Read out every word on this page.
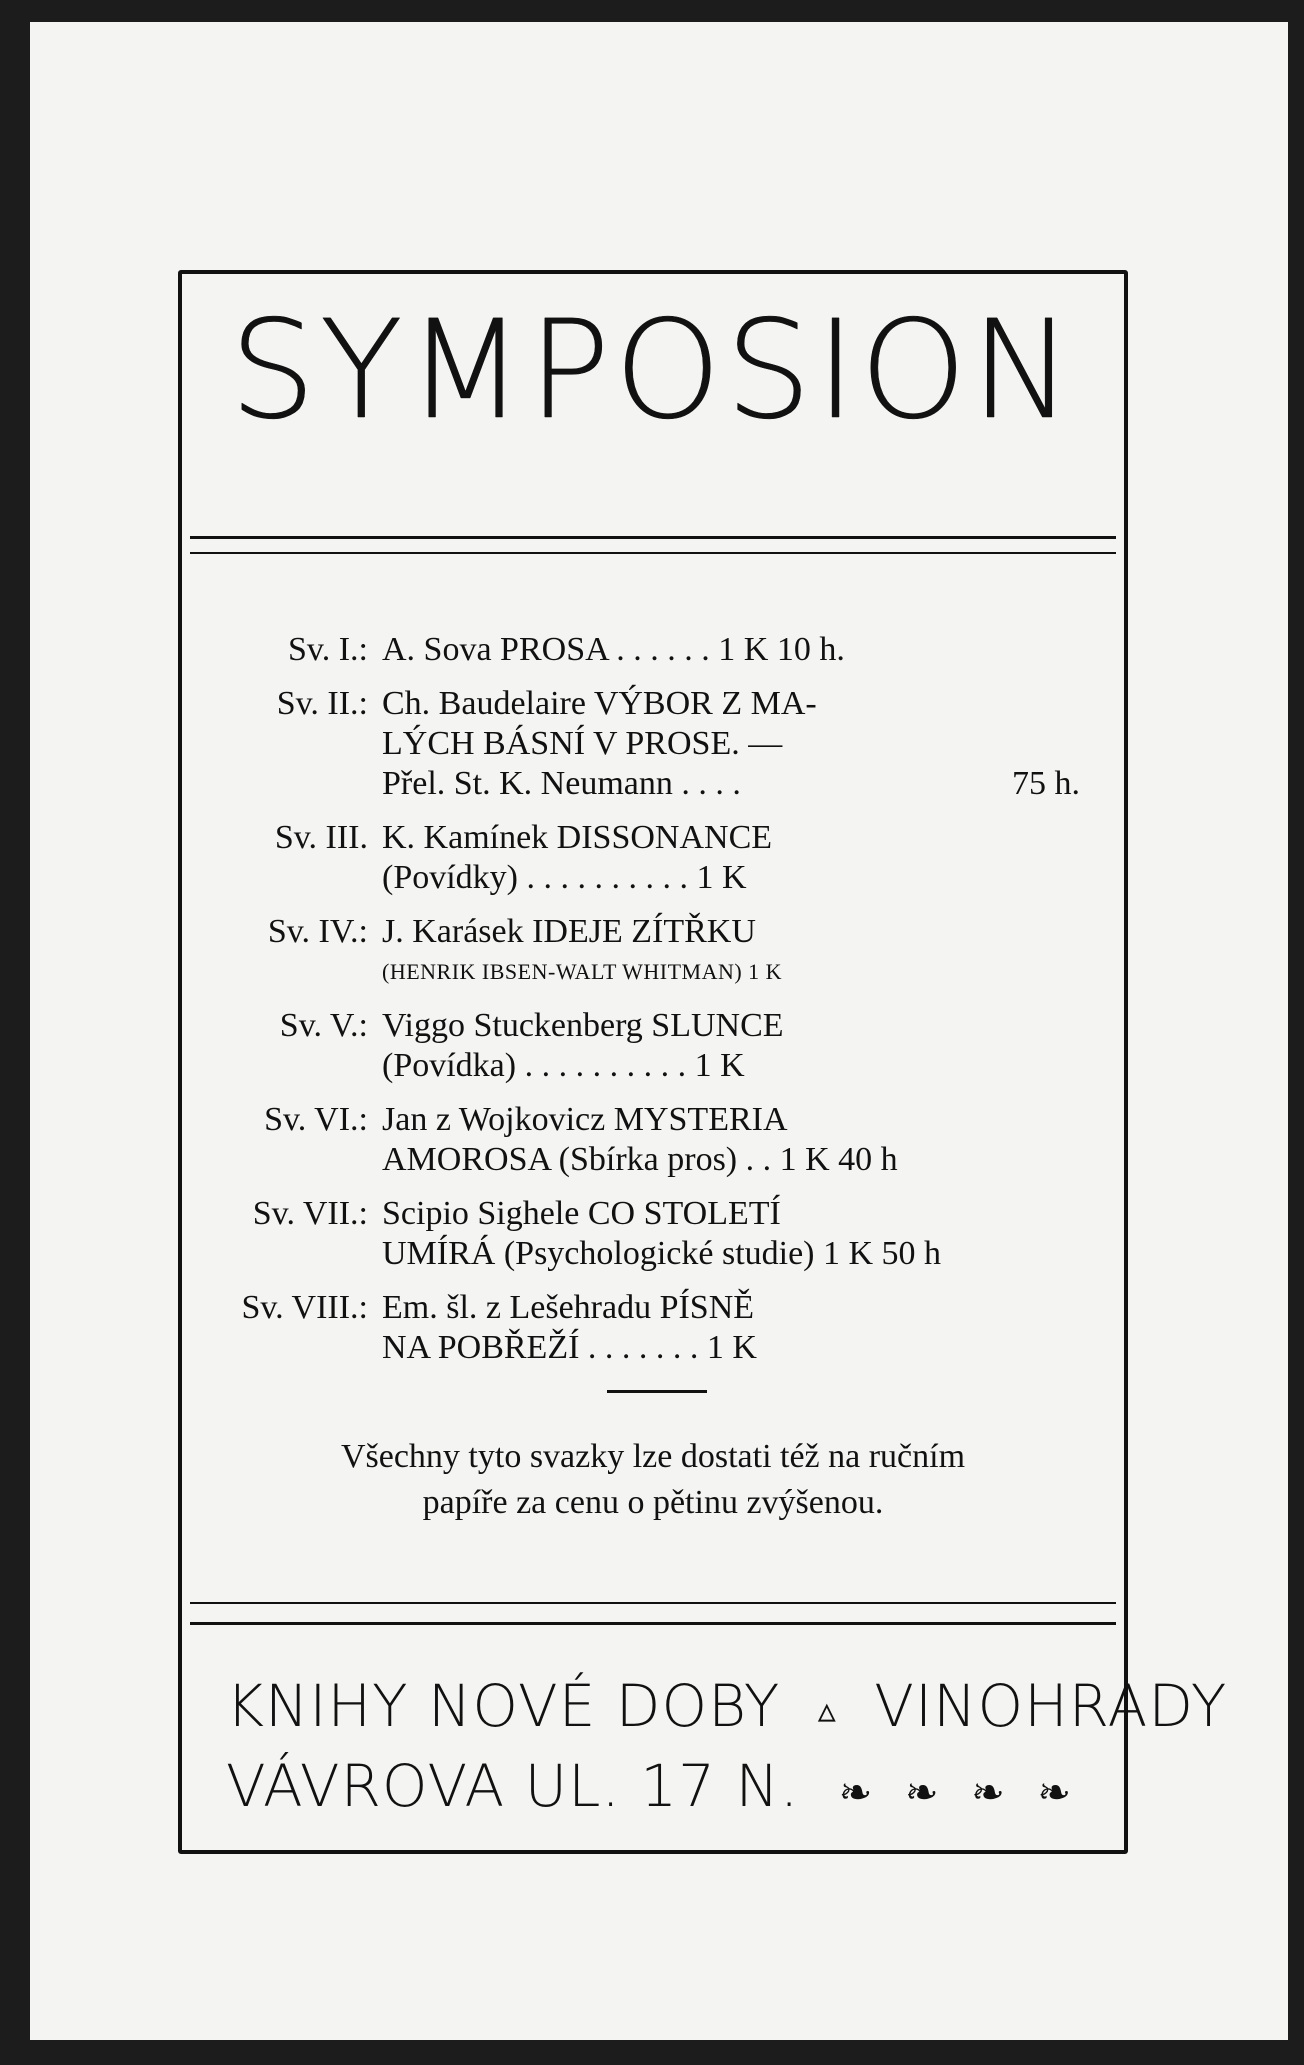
SYMPOSION
Sv. I.: A. Sova PROSA . . . . . . 1 K 10 h.
Sv. II.: Ch. Baudelaire VÝBOR Z MA-
LÝCH BÁSNÍ V PROSE. —
Přel. St. K. Neumann . . . .	75 h.
Sv. III. K. Kamínek DISSONANCE
(Povídky) . . . . . . . . . . 1 K
Sv. IV.: J. Karásek IDEJE ZÍTŘKU
(HENRIK IBSEN-WALT WHITMAN) 1 K
Sv. V.: Viggo Stuckenberg SLUNCE
(Povídka) . . . . . . . . . . 1 K
Sv. VI.: Jan z Wojkovicz MYSTERIA
AMOROSA (Sbírka pros) . . 1 K 40 h
Sv. VII.: Scipio Sighele CO STOLETÍ
UMÍRÁ (Psychologické studie) 1 K 50 h
Sv. VIII.: Em. šl. z Lešehradu PÍSNĚ
NA POBŘEŽÍ . . . . . . . 1 K
Všechny tyto svazky lze dostati též na ručním
papíře za cenu o pětinu zvýšenou.
KNIHY NOVÉ DOBY ▵ VINOHRADY
VÁVROVA UL. 17 N. ❧ ❧ ❧ ❧
